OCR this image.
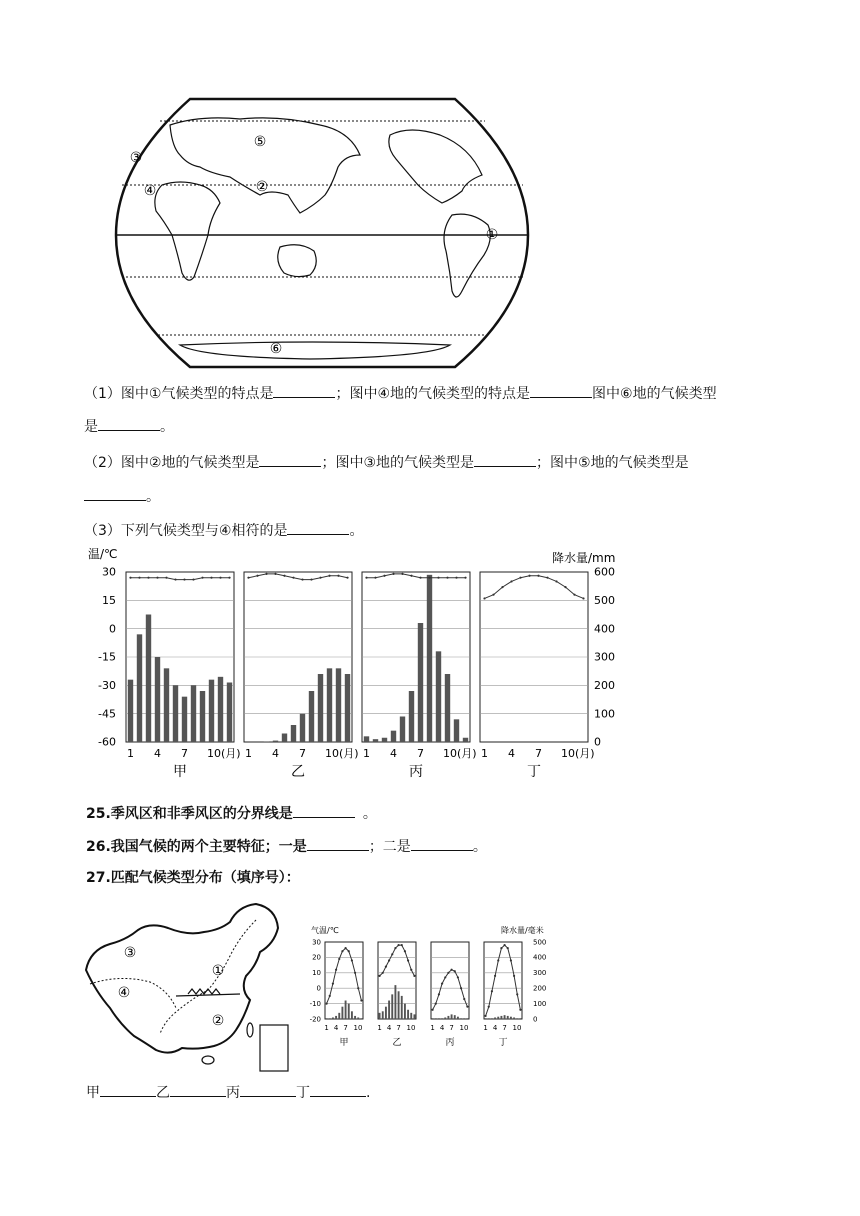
①
②
③
④
⑤
⑥
（1）图中①气候类型的特点是	；图中④地的气候类型的特点是	图中⑥地的气候类型
是	。
（2）图中②地的气候类型是	；图中③地的气候类型是	；图中⑤地的气候类型是
。
（3）下列气候类型与④相符的是	。
温/℃	降水量/mm
30
15
0
-15
-30
-45
-60
600
500
400
300
200
100
0
1 4 7 10(月)
甲
1 4 7 10(月)
乙
1 4 7 10(月)
丙
1 4 7 10(月)
丁
25.季风区和非季风区的分界线是	。
26.我国气候的两个主要特征；一是	；二是	。
27.匹配气候类型分布（填序号）：
③
①
④
②
气温/℃	降水量/毫米
30
20
10
0
-10
-20
500
400
300
200
100
0
1 4 7 10
甲
1 4 7 10
乙
1 4 7 10
丙
1 4 7 10
丁
甲	乙	丙	丁	.
